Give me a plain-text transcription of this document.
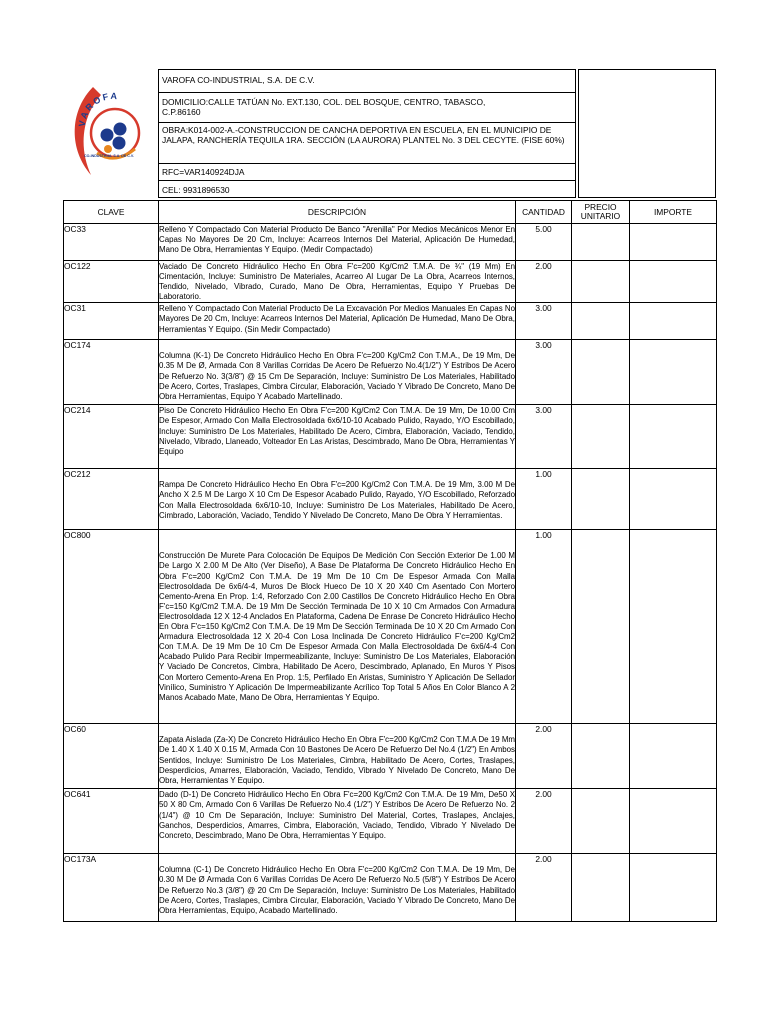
VAROFA
CO-INDUSTRIAL S.A. DE C.V.
VAROFA CO-INDUSTRIAL, S.A. DE C.V.
DOMICILIO:CALLE TATÚAN No. EXT.130, COL. DEL BOSQUE, CENTRO, TABASCO,
C.P.86160
OBRA:K014-002-A.-CONSTRUCCION DE CANCHA DEPORTIVA EN ESCUELA, EN EL MUNICIPIO DE JALAPA, RANCHERÍA TEQUILA 1RA. SECCIÓN (LA AURORA) PLANTEL No. 3 DEL CECYTE. (FISE 60%)
RFC=VAR140924DJA
CEL: 9931896530
CLAVE	DESCRIPCIÓN	CANTIDAD	PRECIO UNITARIO	IMPORTE
OC33	Relleno Y Compactado Con Material Producto De Banco "Arenilla" Por Medios Mecánicos Menor En Capas No Mayores De 20 Cm, Incluye: Acarreos Internos Del Material, Aplicación De Humedad, Mano De Obra, Herramientas Y Equipo. (Medir Compactado)	5.00		
OC122	Vaciado De Concreto Hidráulico Hecho En Obra F'c=200 Kg/Cm2 T.M.A. De ¾" (19 Mm) En Cimentación, Incluye: Suministro De Materiales, Acarreo Al Lugar De La Obra, Acarreos Internos, Tendido, Nivelado, Vibrado, Curado, Mano De Obra, Herramientas, Equipo Y Pruebas De Laboratorio.	2.00		
OC31	Relleno Y Compactado Con Material Producto De La Excavación Por Medios Manuales En Capas No Mayores De 20 Cm, Incluye: Acarreos Internos Del Material, Aplicación De Humedad, Mano De Obra, Herramientas Y Equipo. (Sin Medir Compactado)	3.00		
OC174	Columna (K-1) De Concreto Hidráulico Hecho En Obra F'c=200 Kg/Cm2 Con T.M.A., De 19 Mm, De 0.35 M De Ø, Armada Con 8 Varillas Corridas De Acero De Refuerzo No.4(1/2") Y Estribos De Acero De Refuerzo No. 3(3/8") @ 15 Cm De Separación, Incluye: Suministro De Los Materiales, Habilitado De Acero, Cortes, Traslapes, Cimbra Circular, Elaboración, Vaciado Y Vibrado De Concreto, Mano De Obra Herramientas, Equipo Y Acabado Martellinado.	3.00		
OC214	Piso De Concreto Hidráulico Hecho En Obra F'c=200 Kg/Cm2 Con T.M.A. De 19 Mm, De 10.00 Cm De Espesor, Armado Con Malla Electrosoldada 6x6/10-10 Acabado Pulido, Rayado, Y/O Escobillado, Incluye: Suministro De Los Materiales, Habilitado De Acero, Cimbra, Elaboración, Vaciado, Tendido, Nivelado, Vibrado, Llaneado, Volteador En Las Aristas, Descimbrado, Mano De Obra, Herramientas Y Equipo	3.00		
OC212	Rampa De Concreto Hidráulico Hecho En Obra F'c=200 Kg/Cm2 Con T.M.A. De 19 Mm, 3.00 M De Ancho X 2.5 M De Largo X 10 Cm De Espesor Acabado Pulido, Rayado, Y/O Escobillado, Reforzado Con Malla Electrosoldada 6x6/10-10, Incluye: Suministro De Los Materiales, Habilitado De Acero, Cimbrado, Laboración, Vaciado, Tendido Y Nivelado De Concreto, Mano De Obra Y Herramientas.	1.00		
OC800	Construcción De Murete Para Colocación De Equipos De Medición Con Sección Exterior De 1.00 M De Largo X 2.00 M De Alto (Ver Diseño), A Base De Plataforma De Concreto Hidráulico Hecho En Obra F'c=200 Kg/Cm2 Con T.M.A. De 19 Mm De 10 Cm De Espesor Armada Con Malla Electrosoldada De 6x6/4-4, Muros De Block Hueco De 10 X 20 X40 Cm Asentado Con Mortero Cemento-Arena En Prop. 1:4, Reforzado Con 2.00 Castillos De Concreto Hidráulico Hecho En Obra F'c=150 Kg/Cm2 T.M.A. De 19 Mm De Sección Terminada De 10 X 10 Cm Armados Con Armadura Electrosoldada 12 X 12-4 Anclados En Plataforma, Cadena De Enrase De Concreto Hidráulico Hecho En Obra F'c=150 Kg/Cm2 Con T.M.A. De 19 Mm De Sección Terminada De 10 X 20 Cm Armado Con Armadura Electrosoldada 12 X 20-4 Con Losa Inclinada De Concreto Hidráulico F'c=200 Kg/Cm2 Con T.M.A. De 19 Mm De 10 Cm De Espesor Armada Con Malla Electrosoldada De 6x6/4-4 Con Acabado Pulido Para Recibir Impermeabilizante, Incluye: Suministro De Los Materiales, Elaboración Y Vaciado De Concretos, Cimbra, Habilitado De Acero, Descimbrado, Aplanado, En Muros Y Pisos Con Mortero Cemento-Arena En Prop. 1:5, Perfilado En Aristas, Suministro Y Aplicación De Sellador Vinílico, Suministro Y Aplicación De Impermeabilizante Acrílico Top Total 5 Años En Color Blanco A 2 Manos Acabado Mate, Mano De Obra, Herramientas Y Equipo.	1.00		
OC60	Zapata Aislada (Za-X) De Concreto Hidráulico Hecho En Obra F'c=200 Kg/Cm2 Con T.M.A De 19 Mm De 1.40 X 1.40 X 0.15 M, Armada Con 10 Bastones De Acero De Refuerzo Del No.4 (1/2") En Ambos Sentidos, Incluye: Suministro De Los Materiales, Cimbra, Habilitado De Acero, Cortes, Traslapes, Desperdicios, Amarres, Elaboración, Vaciado, Tendido, Vibrado Y Nivelado De Concreto, Mano De Obra, Herramientas Y Equipo.	2.00		
OC641	Dado (D-1) De Concreto Hidráulico Hecho En Obra F'c=200 Kg/Cm2 Con T.M.A. De 19 Mm, De50 X 50 X 80 Cm, Armado Con 6 Varillas De Refuerzo No.4 (1/2") Y Estribos De Acero De Refuerzo No. 2 (1/4") @ 10 Cm De Separación, Incluye: Suministro Del Material, Cortes, Traslapes, Anclajes, Ganchos, Desperdicios, Amarres, Cimbra, Elaboración, Vaciado, Tendido, Vibrado Y Nivelado De Concreto, Descimbrado, Mano De Obra, Herramientas Y Equipo.	2.00		
OC173A	Columna (C-1) De Concreto Hidráulico Hecho En Obra F'c=200 Kg/Cm2 Con T.M.A. De 19 Mm, De 0.30 M De Ø Armada Con 6 Varillas Corridas De Acero De Refuerzo No.5 (5/8") Y Estribos De Acero De Refuerzo No.3 (3/8") @ 20 Cm De Separación, Incluye: Suministro De Los Materiales, Habilitado De Acero, Cortes, Traslapes, Cimbra Circular, Elaboración, Vaciado Y Vibrado De Concreto, Mano De Obra Herramientas, Equipo, Acabado Martellinado.	2.00		
